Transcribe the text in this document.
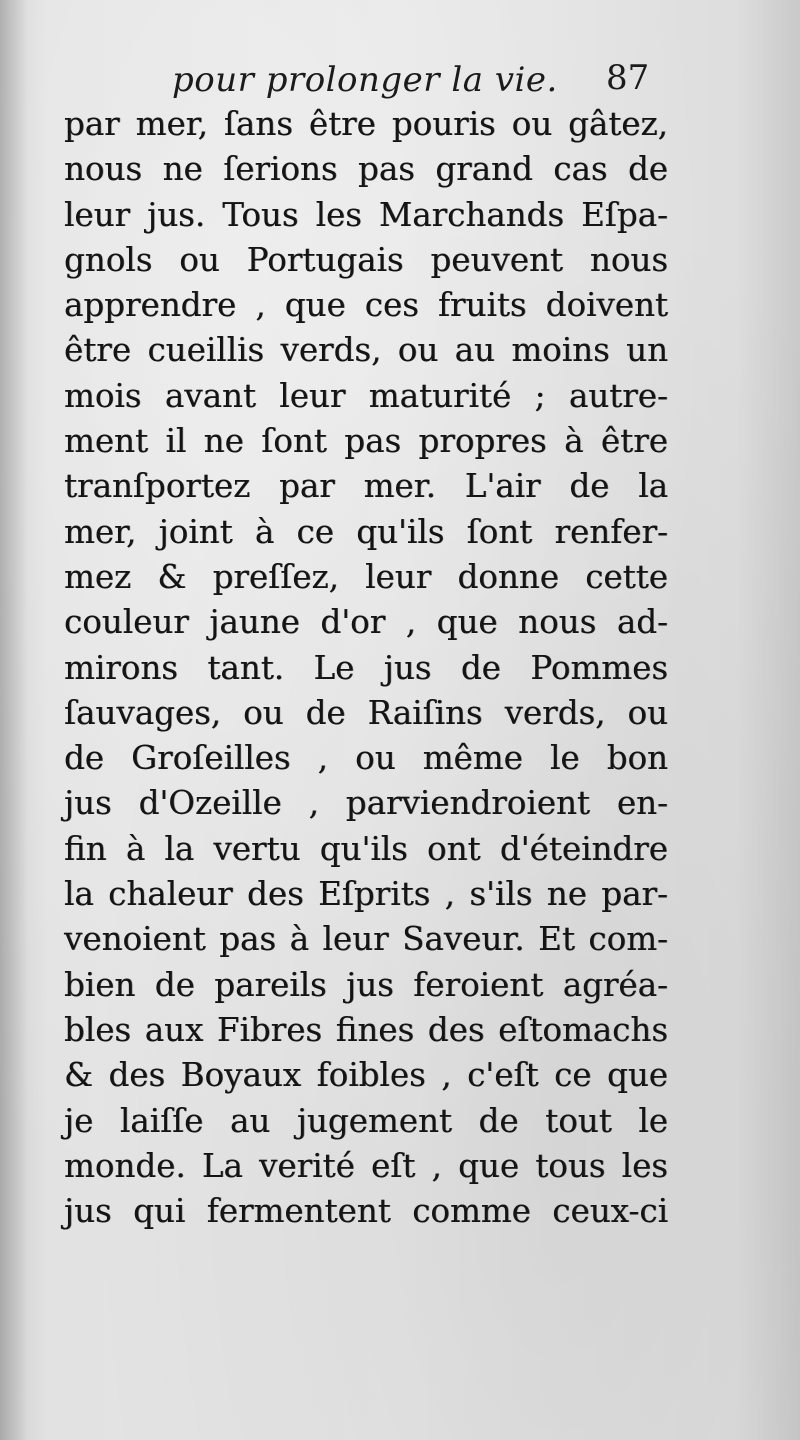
pour prolonger la vie. 87
par mer, ſans être pouris ou gâtez,
nous ne ſerions pas grand cas de
leur jus. Tous les Marchands Eſpa-
gnols ou Portugais peuvent nous
apprendre , que ces fruits doivent
être cueillis verds, ou au moins un
mois avant leur maturité ; autre-
ment il ne ſont pas propres à être
tranſportez par mer. L'air de la
mer, joint à ce qu'ils ſont renfer-
mez & preſſez, leur donne cette
couleur jaune d'or , que nous ad-
mirons tant. Le jus de Pommes
ſauvages, ou de Raiſins verds, ou
de Groſeilles , ou même le bon
jus d'Ozeille , parviendroient en-
fin à la vertu qu'ils ont d'éteindre
la chaleur des Eſprits , s'ils ne par-
venoient pas à leur Saveur. Et com-
bien de pareils jus feroient agréa-
bles aux Fibres fines des eſtomachs
& des Boyaux foibles , c'eſt ce que
je laiſſe au jugement de tout le
monde. La verité eſt , que tous les
jus qui fermentent comme ceux-ci
